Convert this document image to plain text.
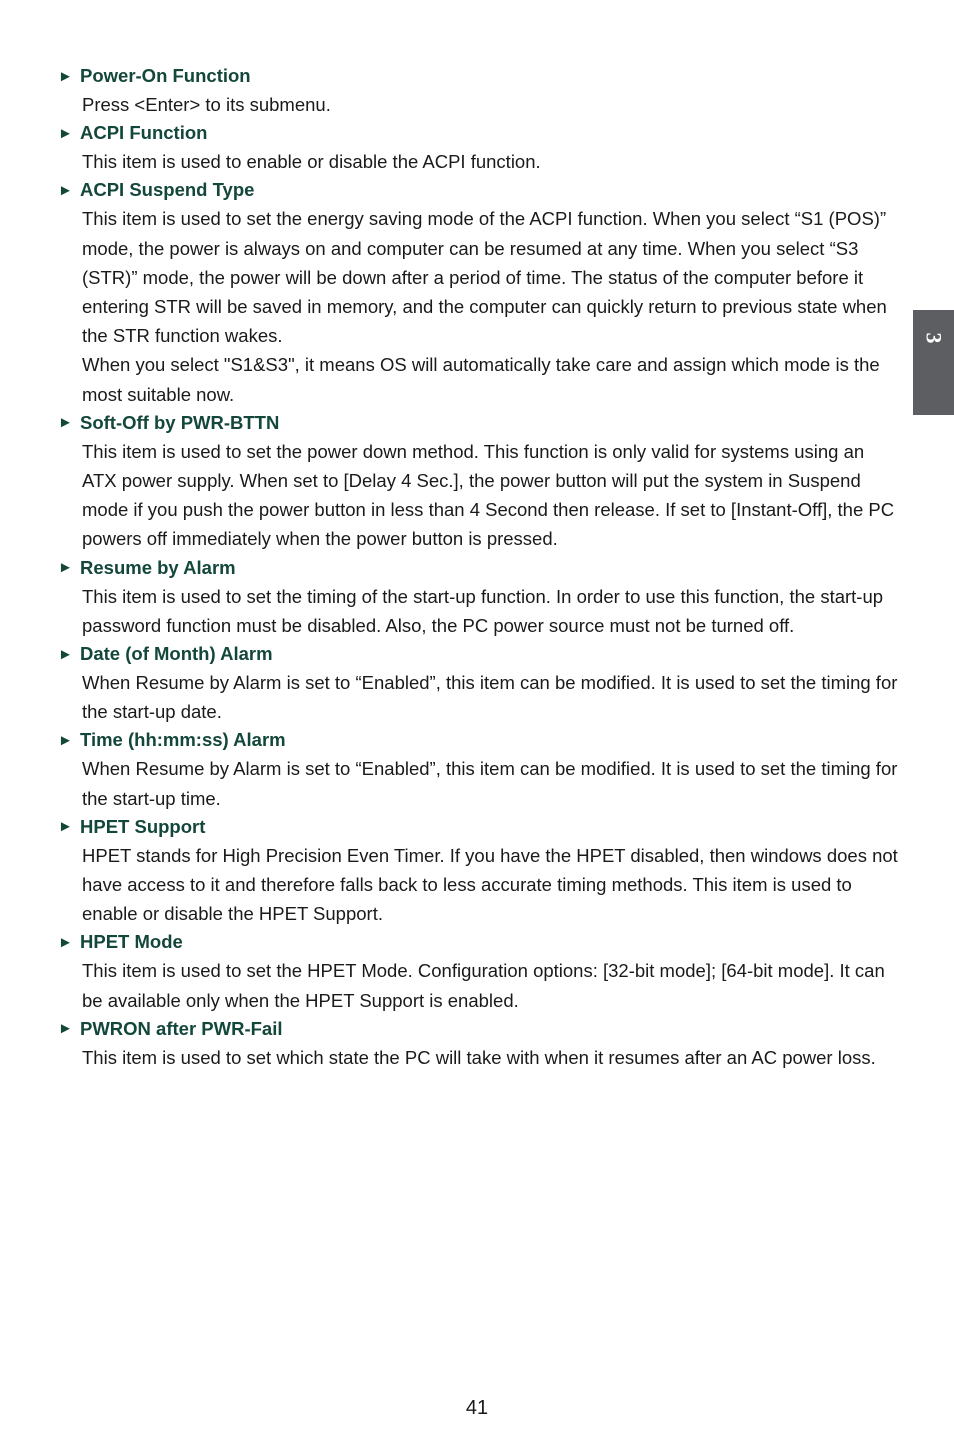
► Power-On Function

Press <Enter> to its submenu.

► ACPI Function

This item is used to enable or disable the ACPI function.

► ACPI Suspend Type

This item is used to set the energy saving mode of the ACPI function. When you select “S1 (POS)” mode, the power is always on and computer can be resumed at any time. When you select “S3 (STR)” mode, the power will be down after a period of time. The status of the computer before it entering STR will be saved in memory, and the computer can quickly return to previous state when the STR function wakes.

When you select "S1&S3", it means OS will automatically take care and assign which mode is the most suitable now.

► Soft-Off by PWR-BTTN

This item is used to set the power down method. This function is only valid for systems using an ATX power supply. When set to [Delay 4 Sec.], the power button will put the system in Suspend mode if you push the power button in less than 4 Second then release. If set to [Instant-Off], the PC powers off immediately when the power button is pressed.

► Resume by Alarm

This item is used to set the timing of the start-up function. In order to use this function, the start-up password function must be disabled. Also, the PC power source must not be turned off.

► Date (of Month) Alarm

When Resume by Alarm is set to “Enabled”, this item can be modified. It is used to set the timing for the start-up date.

► Time (hh:mm:ss) Alarm

When Resume by Alarm is set to “Enabled”, this item can be modified. It is used to set the timing for the start-up time.

► HPET Support

HPET stands for High Precision Even Timer. If you have the HPET disabled, then windows does not have access to it and therefore falls back to less accurate timing methods. This item is used to enable or disable the HPET Support.

► HPET Mode

This item is used to set the HPET Mode. Configuration options: [32-bit mode]; [64-bit mode]. It can be available only when the HPET Support is enabled.

► PWRON after PWR-Fail

This item is used to set which state the PC will take with when it resumes after an AC power loss.

3
41
